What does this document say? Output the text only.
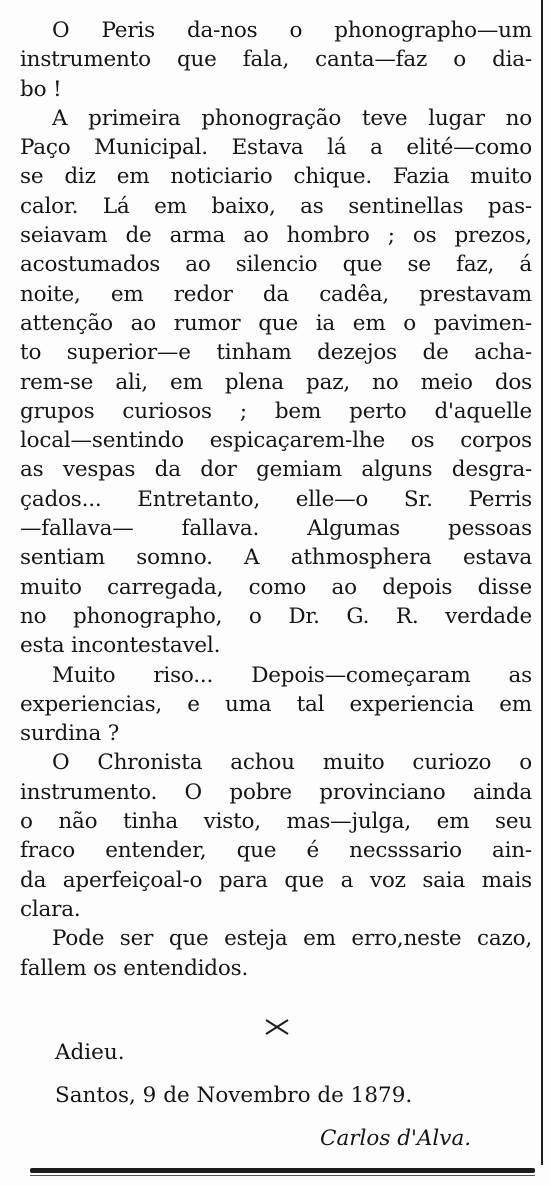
O Peris da-nos o phonographo—um
instrumento que fala, canta—faz o dia-
bo !
A primeira phonogração teve lugar no
Paço Municipal. Estava lá a elité—como
se diz em noticiario chique. Fazia muito
calor. Lá em baixo, as sentinellas pas-
seiavam de arma ao hombro ; os prezos,
acostumados ao silencio que se faz, á
noite, em redor da cadêa, prestavam
attenção ao rumor que ia em o pavimen-
to superior—e tinham dezejos de acha-
rem-se ali, em plena paz, no meio dos
grupos curiosos ; bem perto d'aquelle
local—sentindo espicaçarem-lhe os corpos
as vespas da dor gemiam alguns desgra-
çados... Entretanto, elle—o Sr. Perris
—fallava— fallava. Algumas pessoas
sentiam somno. A athmosphera estava
muito carregada, como ao depois disse
no phonographo, o Dr. G. R. verdade
esta incontestavel.
Muito riso... Depois—começaram as
experiencias, e uma tal experiencia em
surdina ?
O Chronista achou muito curiozo o
instrumento. O pobre provinciano ainda
o não tinha visto, mas—julga, em seu
fraco entender, que é necsssario ain-
da aperfeiçoal-o para que a voz saia mais
clara.
Pode ser que esteja em erro,neste cazo,
fallem os entendidos.
Adieu.
Santos, 9 de Novembro de 1879.
Carlos d'Alva.
